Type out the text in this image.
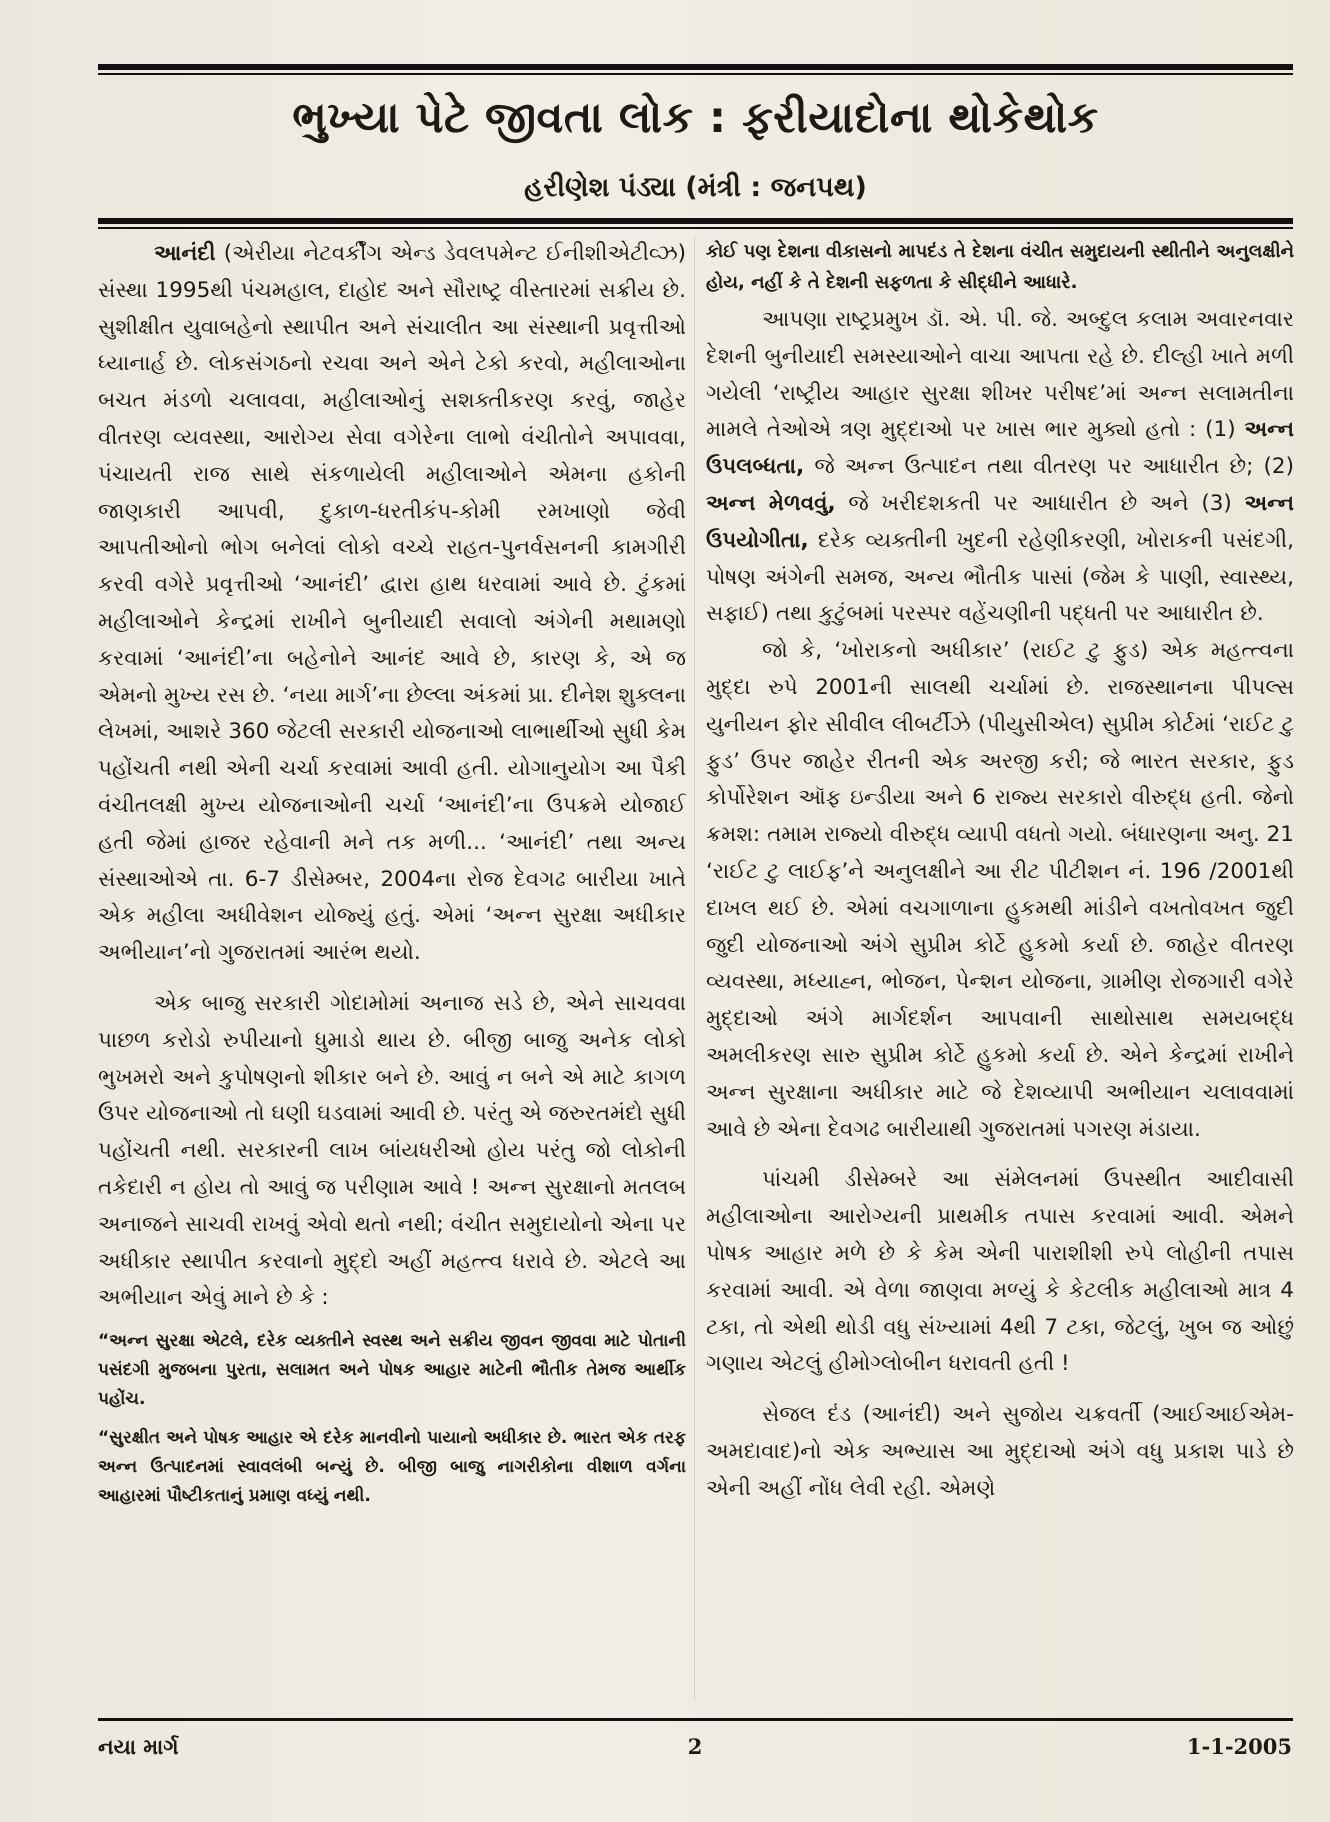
ભુખ્યા પેટે જીવતા લોક : ફરીયાદોના થોકેથોક
હરીણેશ પંડ્યા (મંત્રી : જનપથ)

આનંદી (એરીયા નેટવર્કીંગ એન્ડ ડેવલપમેન્ટ ઈનીશીએટીવ્ઝ) સંસ્થા 1995થી પંચમહાલ, દાહોદ અને સૌરાષ્ટ્ર વીસ્તારમાં સક્રીય છે. સુશીક્ષીત યુવાબહેનો સ્થાપીત અને સંચાલીત આ સંસ્થાની પ્રવૃત્તીઓ ધ્યાનાર્હ છે. લોકસંગઠનો રચવા અને એને ટેકો કરવો, મહીલાઓના બચત મંડળો ચલાવવા, મહીલાઓનું સશક્તીકરણ કરવું, જાહેર વીતરણ વ્યવસ્થા, આરોગ્ય સેવા વગેરેના લાભો વંચીતોને અપાવવા, પંચાયતી રાજ સાથે સંકળાયેલી મહીલાઓને એમના હકોની જાણકારી આપવી, દુકાળ-ધરતીકંપ-કોમી રમખાણો જેવી આપતીઓનો ભોગ બનેલાં લોકો વચ્ચે રાહત-પુનર્વસનની કામગીરી કરવી વગેરે પ્રવૃત્તીઓ ‘આનંદી’ દ્વારા હાથ ધરવામાં આવે છે. ટુંકમાં મહીલાઓને કેન્દ્રમાં રાખીને બુનીયાદી સવાલો અંગેની મથામણો કરવામાં ‘આનંદી’ના બહેનોને આનંદ આવે છે, કારણ કે, એ જ એમનો મુખ્ય રસ છે. ‘નયા માર્ગ’ના છેલ્લા અંકમાં પ્રા. દીનેશ શુક્લના લેખમાં, આશરે 360 જેટલી સરકારી યોજનાઓ લાભાર્થીઓ સુધી કેમ પહોંચતી નથી એની ચર્ચા કરવામાં આવી હતી. યોગાનુયોગ આ પૈકી વંચીતલક્ષી મુખ્ય યોજનાઓની ચર્ચા ‘આનંદી’ના ઉપક્રમે યોજાઈ હતી જેમાં હાજર રહેવાની મને તક મળી... ‘આનંદી’ તથા અન્ય સંસ્થાઓએ તા. 6-7 ડીસેમ્બર, 2004ના રોજ દેવગઢ બારીયા ખાતે એક મહીલા અધીવેશન યોજ્યું હતું. એમાં ‘અન્ન સુરક્ષા અધીકાર અભીયાન’નો ગુજરાતમાં આરંભ થયો.

એક બાજુ સરકારી ગોદામોમાં અનાજ સડે છે, એને સાચવવા પાછળ કરોડો રુપીયાનો ધુમાડો થાય છે. બીજી બાજુ અનેક લોકો ભુખમરો અને કુપોષણનો શીકાર બને છે. આવું ન બને એ માટે કાગળ ઉપર યોજનાઓ તો ઘણી ઘડવામાં આવી છે. પરંતુ એ જરુરતમંદો સુધી પહોંચતી નથી. સરકારની લાખ બાંયધરીઓ હોય પરંતુ જો લોકોની તકેદારી ન હોય તો આવું જ પરીણામ આવે ! અન્ન સુરક્ષાનો મતલબ અનાજને સાચવી રાખવું એવો થતો નથી; વંચીત સમુદાયોનો એના પર અધીકાર સ્થાપીત કરવાનો મુદ્દો અહીં મહત્ત્વ ધરાવે છે. એટલે આ અભીયાન એવું માને છે કે :

“અન્ન સુરક્ષા એટલે, દરેક વ્યક્તીને સ્વસ્થ અને સક્રીય જીવન જીવવા માટે પોતાની પસંદગી મુજબના પુરતા, સલામત અને પોષક આહાર માટેની ભૌતીક તેમજ આર્થીક પહોંચ.

“સુરક્ષીત અને પોષક આહાર એ દરેક માનવીનો પાયાનો અધીકાર છે. ભારત એક તરફ અન્ન ઉત્પાદનમાં સ્વાવલંબી બન્યું છે. બીજી બાજુ નાગરીકોના વીશાળ વર્ગના આહારમાં પૌષ્ટીકતાનું પ્રમાણ વધ્યું નથી.

કોઈ પણ દેશના વીકાસનો માપદંડ તે દેશના વંચીત સમુદાયની સ્થીતીને અનુલક્ષીને હોય, નહીં કે તે દેશની સફળતા કે સીદ્ધીને આધારે.

આપણા રાષ્ટ્રપ્રમુખ ડૉ. એ. પી. જે. અબ્દુલ કલામ અવારનવાર દેશની બુનીયાદી સમસ્યાઓને વાચા આપતા રહે છે. દીલ્હી ખાતે મળી ગયેલી ‘રાષ્ટ્રીય આહાર સુરક્ષા શીખર પરીષદ’માં અન્ન સલામતીના મામલે તેઓએ ત્રણ મુદ્દાઓ પર ખાસ ભાર મુક્યો હતો : (1) અન્ન ઉપલબ્ધતા, જે અન્ન ઉત્પાદન તથા વીતરણ પર આધારીત છે; (2) અન્ન મેળવવું, જે ખરીદશકતી પર આધારીત છે અને (3) અન્ન ઉપયોગીતા, દરેક વ્યક્તીની ખુદની રહેણીકરણી, ખોરાકની પસંદગી, પોષણ અંગેની સમજ, અન્ય ભૌતીક પાસાં (જેમ કે પાણી, સ્વાસ્થ્ય, સફાઈ) તથા કુટુંબમાં પરસ્પર વહેંચણીની પદ્ધતી પર આધારીત છે.

જો કે, ‘ખોરાકનો અધીકાર’ (રાઈટ ટુ ફુડ) એક મહત્ત્વના મુદ્દા રુપે 2001ની સાલથી ચર્ચામાં છે. રાજસ્થાનના પીપલ્સ યુનીયન ફોર સીવીલ લીબર્ટીઝે (પીયુસીએલ) સુપ્રીમ કોર્ટમાં ‘રાઈટ ટુ ફુડ’ ઉપર જાહેર રીતની એક અરજી કરી; જે ભારત સરકાર, ફુડ કોર્પોરેશન ઑફ ઇન્ડીયા અને 6 રાજ્ય સરકારો વીરુદ્ધ હતી. જેનો ક્રમશ: તમામ રાજ્યો વીરુદ્ધ વ્યાપી વધતો ગયો. બંધારણના અનુ. 21 ‘રાઈટ ટુ લાઈફ’ને અનુલક્ષીને આ રીટ પીટીશન નં. 196 /2001થી દાખલ થઈ છે. એમાં વચગાળાના હુકમથી માંડીને વખતોવખત જુદી જુદી યોજનાઓ અંગે સુપ્રીમ કોર્ટે હુકમો કર્યા છે. જાહેર વીતરણ વ્યવસ્થા, મધ્યાહ્ન, ભોજન, પેન્શન યોજના, ગ્રામીણ રોજગારી વગેરે મુદ્દાઓ અંગે માર્ગદર્શન આપવાની સાથોસાથ સમયબદ્ધ અમલીકરણ સારુ સુપ્રીમ કોર્ટે હુકમો કર્યા છે. એને કેન્દ્રમાં રાખીને અન્ન સુરક્ષાના અધીકાર માટે જે દેશવ્યાપી અભીયાન ચલાવવામાં આવે છે એના દેવગઢ બારીયાથી ગુજરાતમાં પગરણ મંડાયા.

પાંચમી ડીસેમ્બરે આ સંમેલનમાં ઉપસ્થીત આદીવાસી મહીલાઓના આરોગ્યની પ્રાથમીક તપાસ કરવામાં આવી. એમને પોષક આહાર મળે છે કે કેમ એની પારાશીશી રુપે લોહીની તપાસ કરવામાં આવી. એ વેળા જાણવા મળ્યું કે કેટલીક મહીલાઓ માત્ર 4 ટકા, તો એથી થોડી વધુ સંખ્યામાં 4થી 7 ટકા, જેટલું, ખુબ જ ઓછું ગણાય એટલું હીમોગ્લોબીન ધરાવતી હતી !

સેજલ દંડ (આનંદી) અને સુજોય ચક્રવર્તી (આઈઆઈએમ-અમદાવાદ)નો એક અભ્યાસ આ મુદ્દાઓ અંગે વધુ પ્રકાશ પાડે છે એની અહીં નોંધ લેવી રહી. એમણે

નયા માર્ગ	2	1-1-2005
